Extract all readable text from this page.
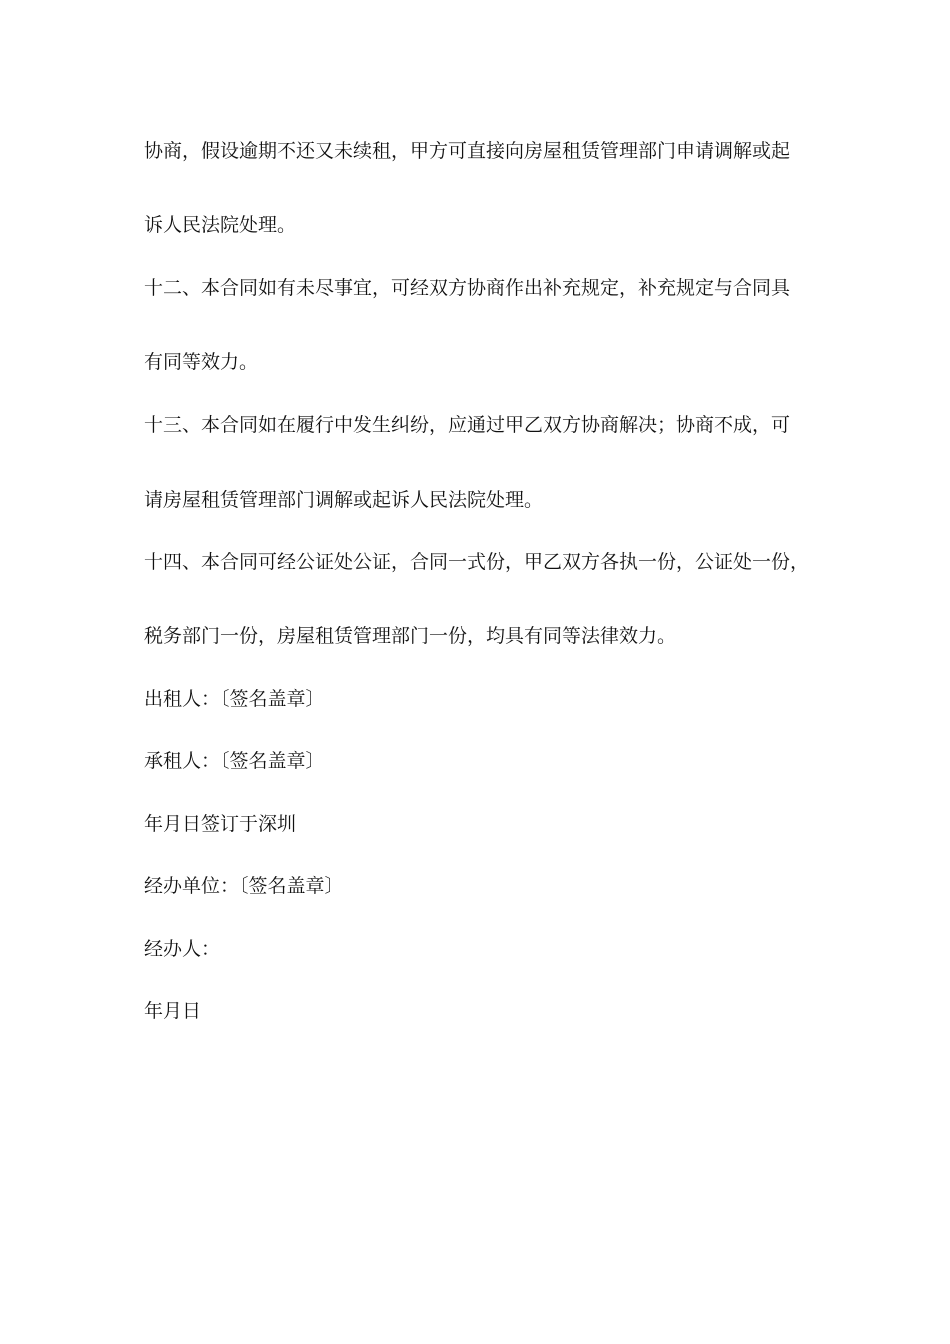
协商，假设逾期不还又未续租，甲方可直接向房屋租赁管理部门申请调解或起
诉人民法院处理。
十二、本合同如有未尽事宜，可经双方协商作出补充规定，补充规定与合同具
有同等效力。
十三、本合同如在履行中发生纠纷，应通过甲乙双方协商解决；协商不成，可
请房屋租赁管理部门调解或起诉人民法院处理。
十四、本合同可经公证处公证，合同一式份，甲乙双方各执一份，公证处一份，
税务部门一份，房屋租赁管理部门一份，均具有同等法律效力。
出租人：〔签名盖章〕
承租人：〔签名盖章〕
年月日签订于深圳
经办单位：〔签名盖章〕
经办人：
年月日
